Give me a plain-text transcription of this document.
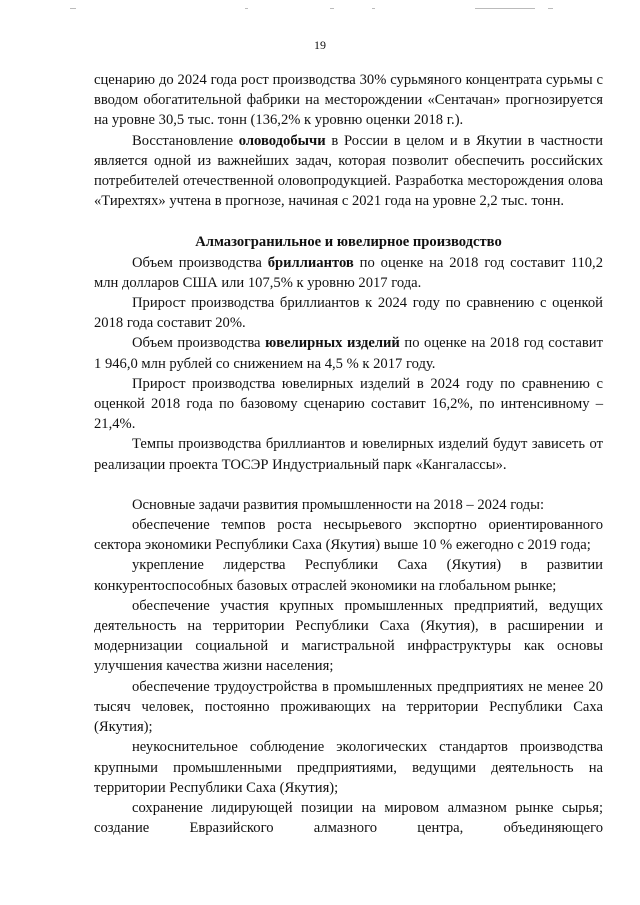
19

сценарию до 2024 года рост производства 30% сурьмяного концентрата сурьмы с вводом обогатительной фабрики на месторождении «Сентачан» прогнозируется на уровне 30,5 тыс. тонн (136,2% к уровню оценки 2018 г.).

Восстановление оловодобычи в России в целом и в Якутии в частности является одной из важнейших задач, которая позволит обеспечить российских потребителей отечественной оловопродукцией. Разработка месторождения олова «Тирехтях» учтена в прогнозе, начиная с 2021 года на уровне 2,2 тыс. тонн.

Алмазогранильное и ювелирное производство

Объем производства бриллиантов по оценке на 2018 год составит 110,2 млн долларов США или 107,5% к уровню 2017 года.

Прирост производства бриллиантов к 2024 году по сравнению с оценкой 2018 года составит 20%.

Объем производства ювелирных изделий по оценке на 2018 год составит 1 946,0 млн рублей со снижением на 4,5 % к 2017 году.

Прирост производства ювелирных изделий в 2024 году по сравнению с оценкой 2018 года по базовому сценарию составит 16,2%, по интенсивному – 21,4%.

Темпы производства бриллиантов и ювелирных изделий будут зависеть от реализации проекта ТОСЭР Индустриальный парк «Кангалассы».

Основные задачи развития промышленности на 2018 – 2024 годы:

обеспечение темпов роста несырьевого экспортно ориентированного сектора экономики Республики Саха (Якутия) выше 10 % ежегодно с 2019 года;

укрепление лидерства Республики Саха (Якутия) в развитии конкурентоспособных базовых отраслей экономики на глобальном рынке;

обеспечение участия крупных промышленных предприятий, ведущих деятельность на территории Республики Саха (Якутия), в расширении и модернизации социальной и магистральной инфраструктуры как основы улучшения качества жизни населения;

обеспечение трудоустройства в промышленных предприятиях не менее 20 тысяч человек, постоянно проживающих на территории Республики Саха (Якутия);

неукоснительное соблюдение экологических стандартов производства крупными промышленными предприятиями, ведущими деятельность на территории Республики Саха (Якутия);

сохранение лидирующей позиции на мировом алмазном рынке сырья; создание Евразийского алмазного центра, объединяющего
